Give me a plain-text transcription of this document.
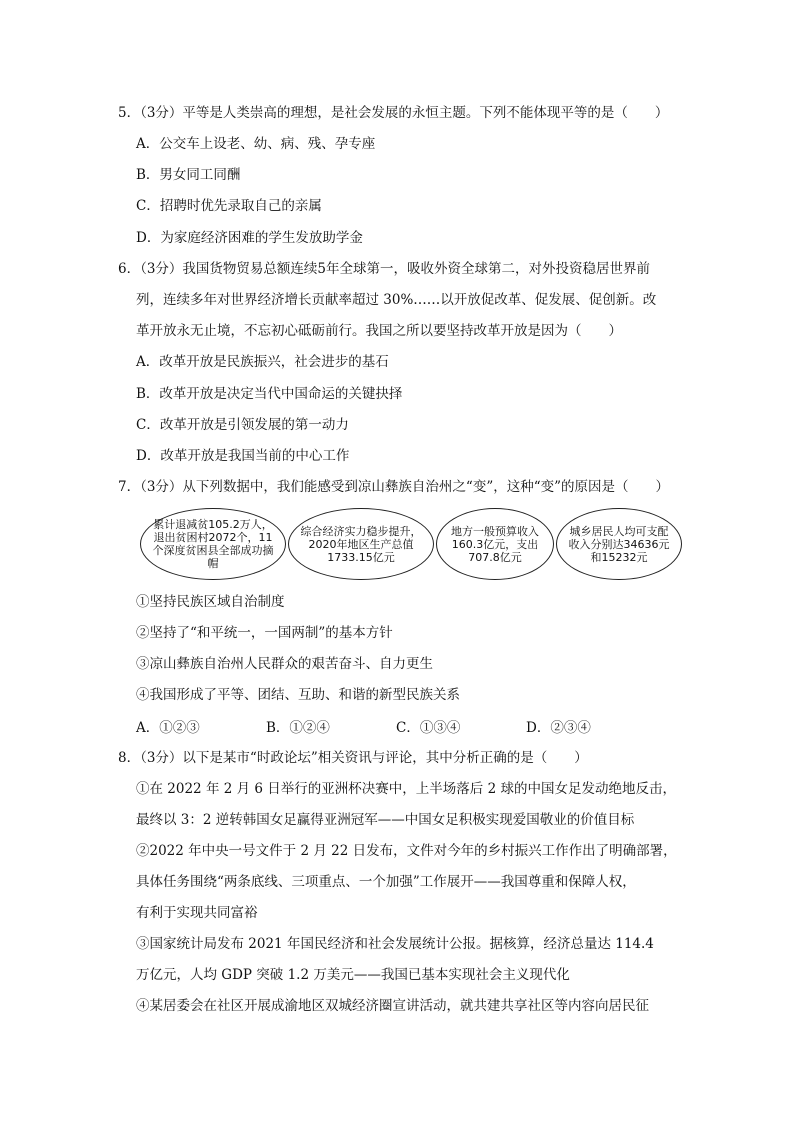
5．（3分）平等是人类崇高的理想，是社会发展的永恒主题。下列不能体现平等的是（　　）
A．公交车上设老、幼、病、残、孕专座
B．男女同工同酬
C．招聘时优先录取自己的亲属
D．为家庭经济困难的学生发放助学金
6．（3分）我国货物贸易总额连续5年全球第一，吸收外资全球第二，对外投资稳居世界前
列，连续多年对世界经济增长贡献率超过 30%……以开放促改革、促发展、促创新。改
革开放永无止境，不忘初心砥砺前行。我国之所以要坚持改革开放是因为（　　）
A．改革开放是民族振兴，社会进步的基石
B．改革开放是决定当代中国命运的关键抉择
C．改革开放是引领发展的第一动力
D．改革开放是我国当前的中心工作
7．（3分）从下列数据中，我们能感受到凉山彝族自治州之“变”，这种“变”的原因是（　　）
累计退减贫105.2万人，退出贫困村2072个，11个深度贫困县全部成功摘帽
综合经济实力稳步提升，2020年地区生产总值1733.15亿元
地方一般预算收入160.3亿元，支出707.8亿元
城乡居民人均可支配收入分别达34636元和15232元
①坚持民族区域自治制度
②坚持了“和平统一，一国两制”的基本方针
③凉山彝族自治州人民群众的艰苦奋斗、自力更生
④我国形成了平等、团结、互助、和谐的新型民族关系
A．①②③	B．①②④	C．①③④	D．②③④
8．（3分）以下是某市“时政论坛”相关资讯与评论，其中分析正确的是（　　）
①在 2022 年 2 月 6 日举行的亚洲杯决赛中，上半场落后 2 球的中国女足发动绝地反击，
最终以 3：2 逆转韩国女足赢得亚洲冠军——中国女足积极实现爱国敬业的价值目标
②2022 年中央一号文件于 2 月 22 日发布，文件对今年的乡村振兴工作作出了明确部署，
具体任务围绕“两条底线、三项重点、一个加强”工作展开——我国尊重和保障人权，
有利于实现共同富裕
③国家统计局发布 2021 年国民经济和社会发展统计公报。据核算，经济总量达 114.4
万亿元，人均 GDP 突破 1.2 万美元——我国已基本实现社会主义现代化
④某居委会在社区开展成渝地区双城经济圈宣讲活动，就共建共享社区等内容向居民征
